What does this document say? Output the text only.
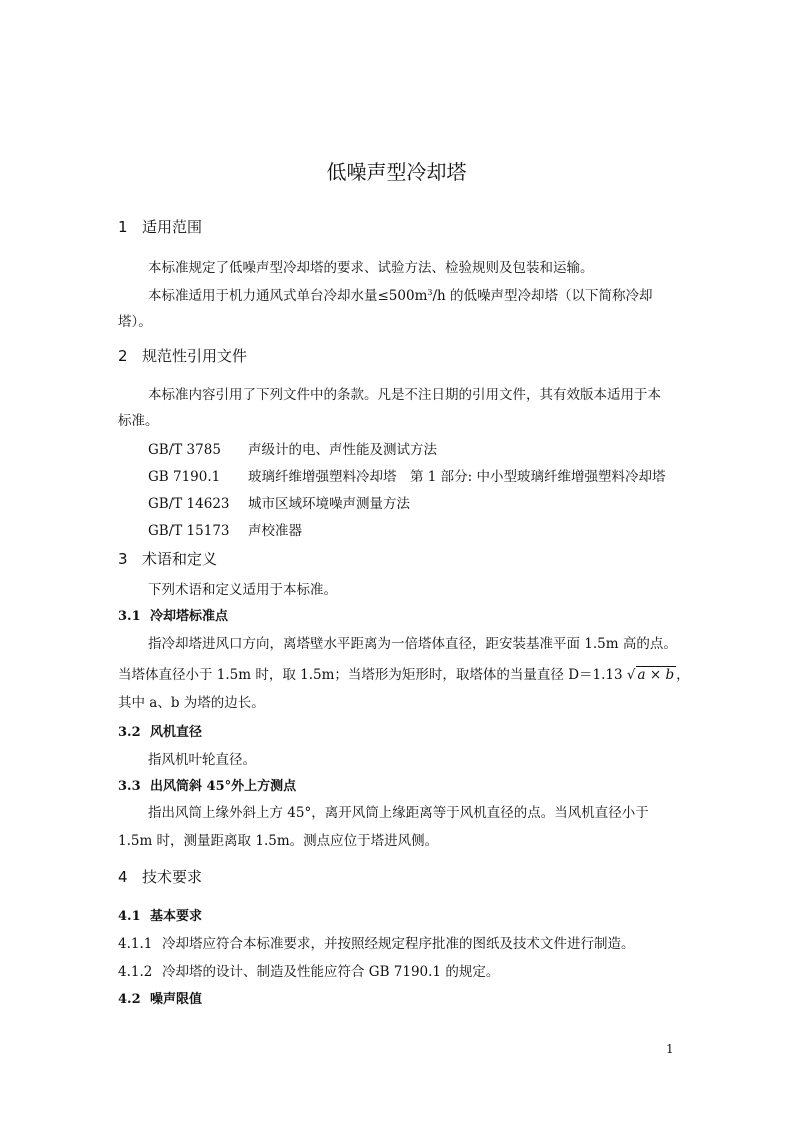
低噪声型冷却塔
1 适用范围
本标准规定了低噪声型冷却塔的要求、试验方法、检验规则及包装和运输。
本标准适用于机力通风式单台冷却水量$\le 500m^3/h$ 的低噪声型冷却塔（以下简称冷却
塔）。
2 规范性引用文件
本标准内容引用了下列文件中的条款。凡是不注日期的引用文件，其有效版本适用于本
标准。
GB/T 3785 声级计的电、声性能及测试方法
GB 7190.1 玻璃纤维增强塑料冷却塔　第 1 部分: 中小型玻璃纤维增强塑料冷却塔
GB/T 14623 城市区域环境噪声测量方法
GB/T 15173 声校准器
3 术语和定义
下列术语和定义适用于本标准。
3.1 冷却塔标准点
指冷却塔进风口方向，离塔壁水平距离为一倍塔体直径，距安装基准平面 1.5m 高的点。
当塔体直径小于 1.5m 时，取 1.5m；当塔形为矩形时，取塔体的当量直径 D＝1.13 √ a × b ，
其中 a、b 为塔的边长。
3.2 风机直径
指风机叶轮直径。
3.3 出风筒斜 45°外上方测点
指出风筒上缘外斜上方 45°，离开风筒上缘距离等于风机直径的点。当风机直径小于
1.5m 时，测量距离取 1.5m。测点应位于塔进风侧。
4 技术要求
4.1 基本要求
4.1.1 冷却塔应符合本标准要求，并按照经规定程序批准的图纸及技术文件进行制造。
4.1.2 冷却塔的设计、制造及性能应符合 GB 7190.1 的规定。
4.2 噪声限值
1
